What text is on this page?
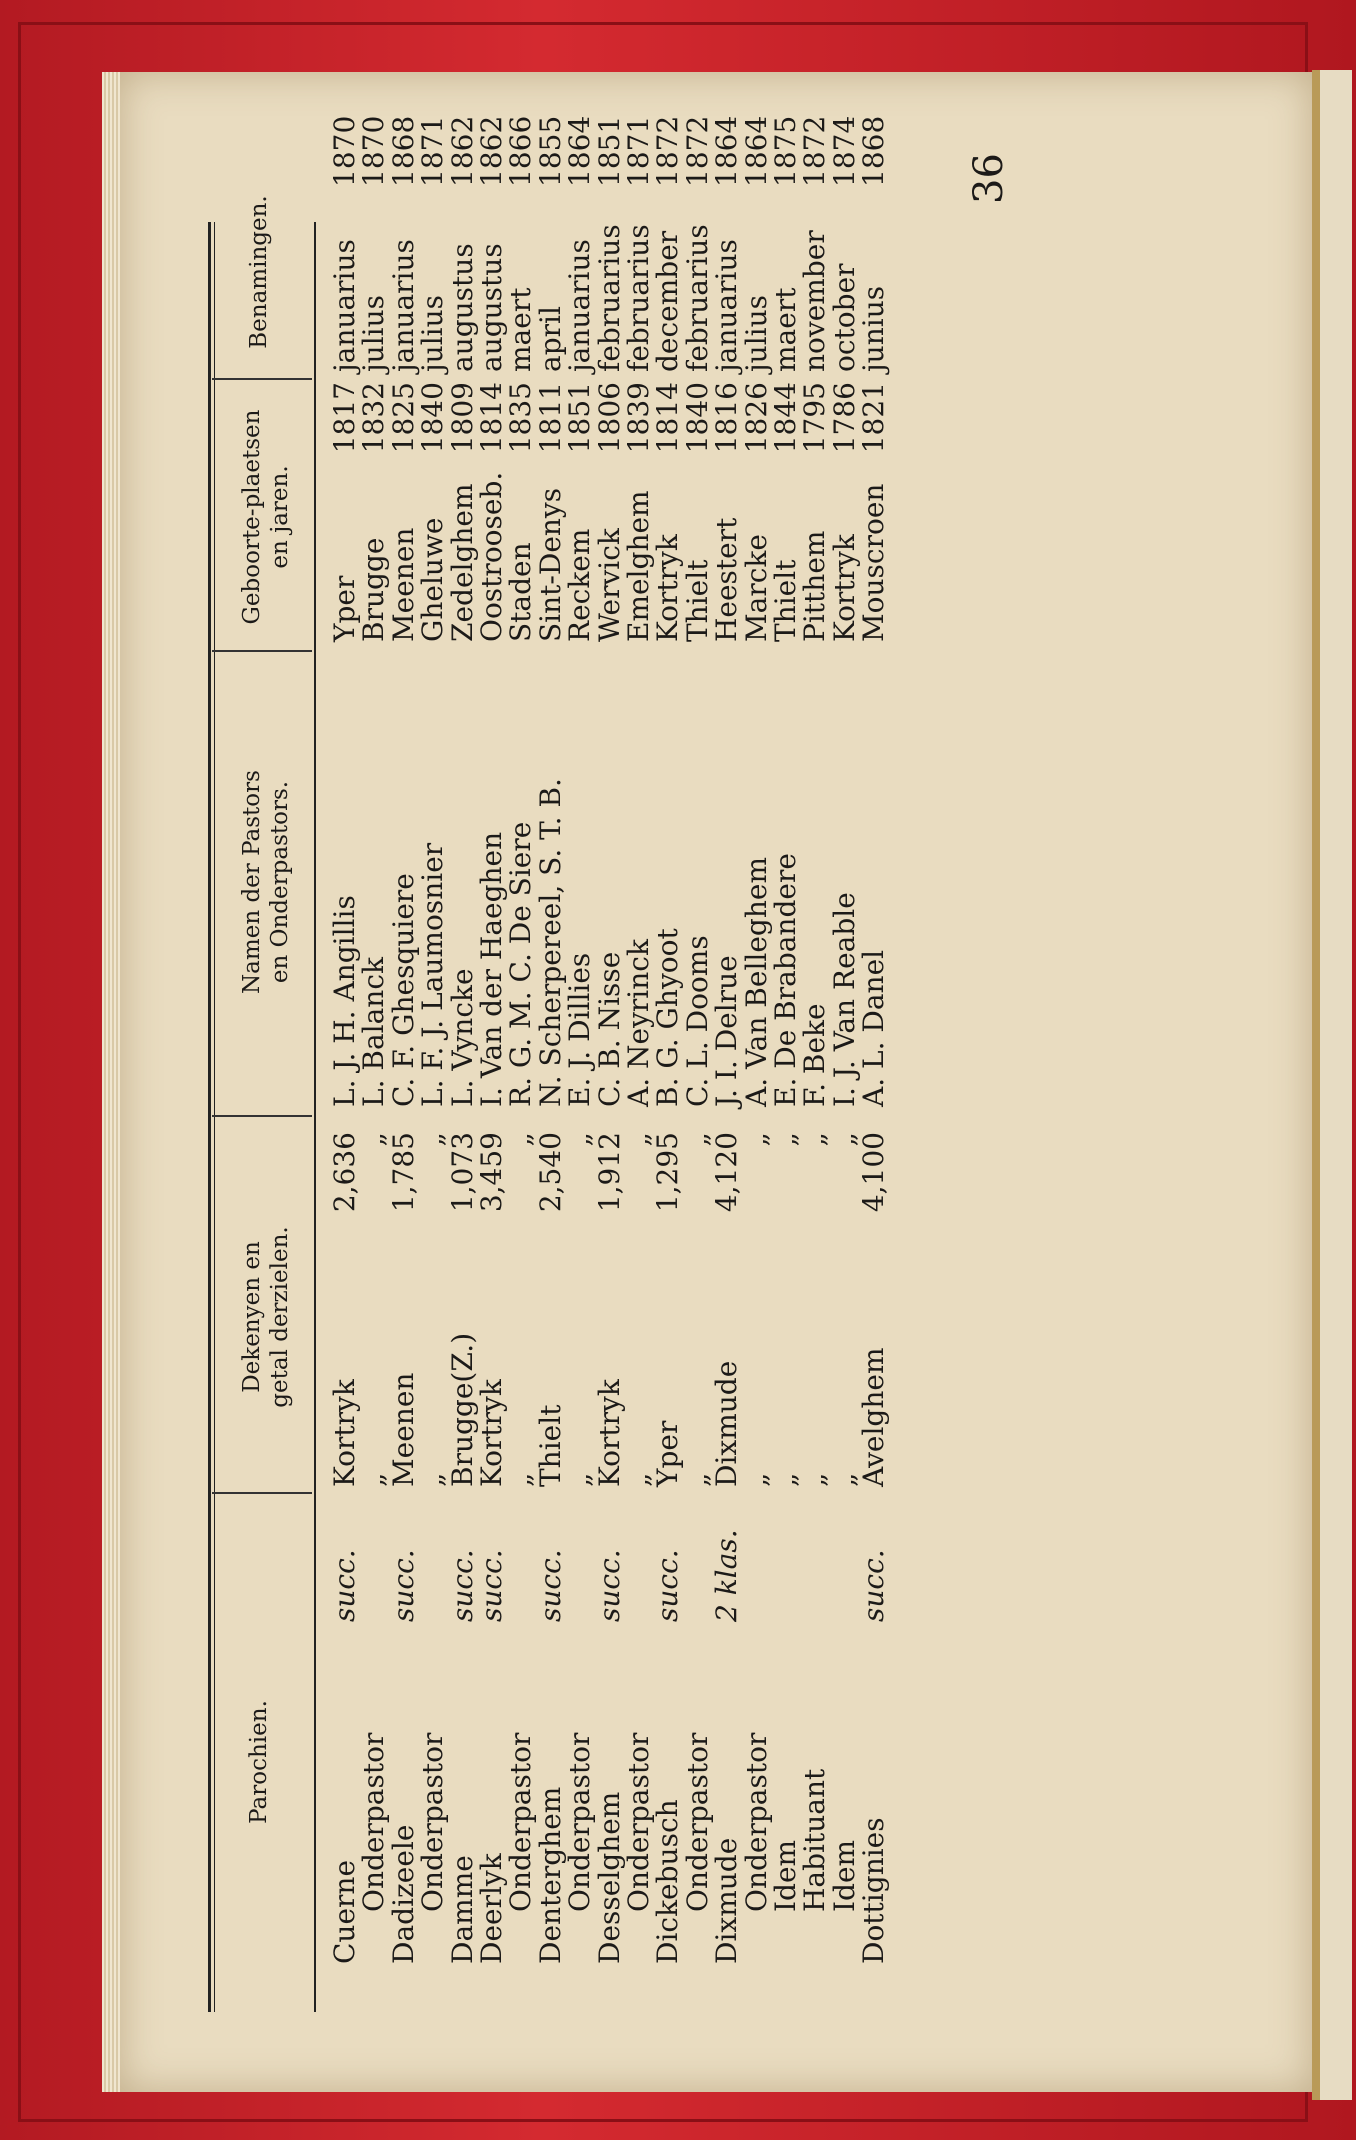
36
Parochien.
Dekenyen en getal derzielen.
Namen der Pastors en Onderpastors.
Geboorte-plaetsen en jaren.
Benamingen.
Cuerne
succ.
Kortryk
2,636
L. J. H. Angillis
Yper
1817
januarius
1870
Onderpastor
„
„
L. Balanck
Brugge
1832
julius
1870
Dadizeele
succ.
Meenen
1,785
C. F. Ghesquiere
Meenen
1825
januarius
1868
Onderpastor
„
„
L. F. J. Laumosnier
Gheluwe
1840
julius
1871
Damme
succ.
Brugge(Z.)
1,073
L. Vyncke
Zedelghem
1809
augustus
1862
Deerlyk
succ.
Kortryk
3,459
I. Van der Haeghen
Oostrooseb.
1814
augustus
1862
Onderpastor
„
„
R. G. M. C. De Siere
Staden
1835
maert
1866
Denterghem
succ.
Thielt
2,540
N. Scherpereel, S. T. B.
Sint-Denys
1811
april
1855
Onderpastor
„
„
E. J. Dillies
Reckem
1851
januarius
1864
Desselghem
succ.
Kortryk
1,912
C. B. Nisse
Wervick
1806
februarius
1851
Onderpastor
„
„
A. Neyrinck
Emelghem
1839
februarius
1871
Dickebusch
succ.
Yper
1,295
B. G. Ghyoot
Kortryk
1814
december
1872
Onderpastor
„
„
C. L. Dooms
Thielt
1840
februarius
1872
Dixmude
2 klas.
Dixmude
4,120
J. I. Delrue
Heestert
1816
januarius
1864
Onderpastor
„
„
A. Van Belleghem
Marcke
1826
julius
1864
Idem
„
„
E. De Brabandere
Thielt
1844
maert
1875
Habituant
„
„
F. Beke
Pitthem
1795
november
1872
Idem
„
„
I. J. Van Reable
Kortryk
1786
october
1874
Dottignies
succ.
Avelghem
4,100
A. L. Danel
Mouscroen
1821
junius
1868
